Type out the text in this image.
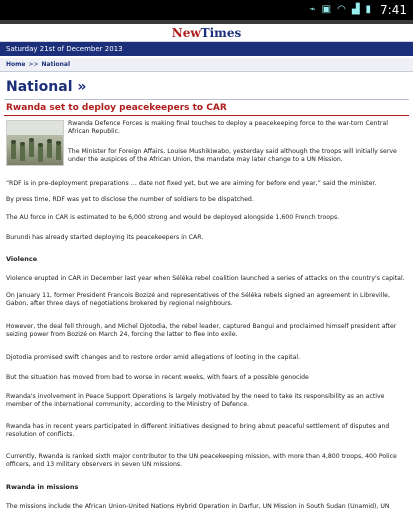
⌁ ▣ ◠ ▟ ▮ 7:41
NewTimes
Saturday 21st of December 2013
Home >> National
National »
Rwanda set to deploy peacekeepers to CAR

Rwanda Defence Forces is making final touches to deploy a peacekeeping force to the war-torn Central African Republic.

The Minister for Foreign Affairs, Louise Mushikiwabo, yesterday said although the troops will initially serve under the auspices of the African Union, the mandate may later change to a UN Mission.

“RDF is in pre-deployment preparations … date not fixed yet, but we are aiming for before end year,” said the minister.

By press time, RDF was yet to disclose the number of soldiers to be dispatched.

The AU force in CAR is estimated to be 6,000 strong and would be deployed alongside 1,600 French troops.

Burundi has already started deploying its peacekeepers in CAR.

Violence

Violence erupted in CAR in December last year when Séléka rebel coalition launched a series of attacks on the country's capital.

On January 11, former President Francois Bozizé and representatives of the Séléka rebels signed an agreement in Libreville, Gabon, after three days of negotiations brokered by regional neighbours.

However, the deal fell through, and Michel Djotodia, the rebel leader, captured Bangui and proclaimed himself president after seizing power from Bozizé on March 24, forcing the latter to flee into exile.

Djotodia promised swift changes and to restore order amid allegations of looting in the capital.

But the situation has moved from bad to worse in recent weeks, with fears of a possible genocide

Rwanda's involvement in Peace Support Operations is largely motivated by the need to take its responsibility as an active member of the international community, according to the Ministry of Defence.

Rwanda has in recent years participated in different initiatives designed to bring about peaceful settlement of disputes and resolution of conflicts.

Currently, Rwanda is ranked sixth major contributor to the UN peacekeeping mission, with more than 4,800 troops, 400 Police officers, and 13 military observers in seven UN missions.

Rwanda in missions

The missions include the African Union-United Nations Hybrid Operation in Darfur, UN Mission in South Sudan (Unamid), UN
